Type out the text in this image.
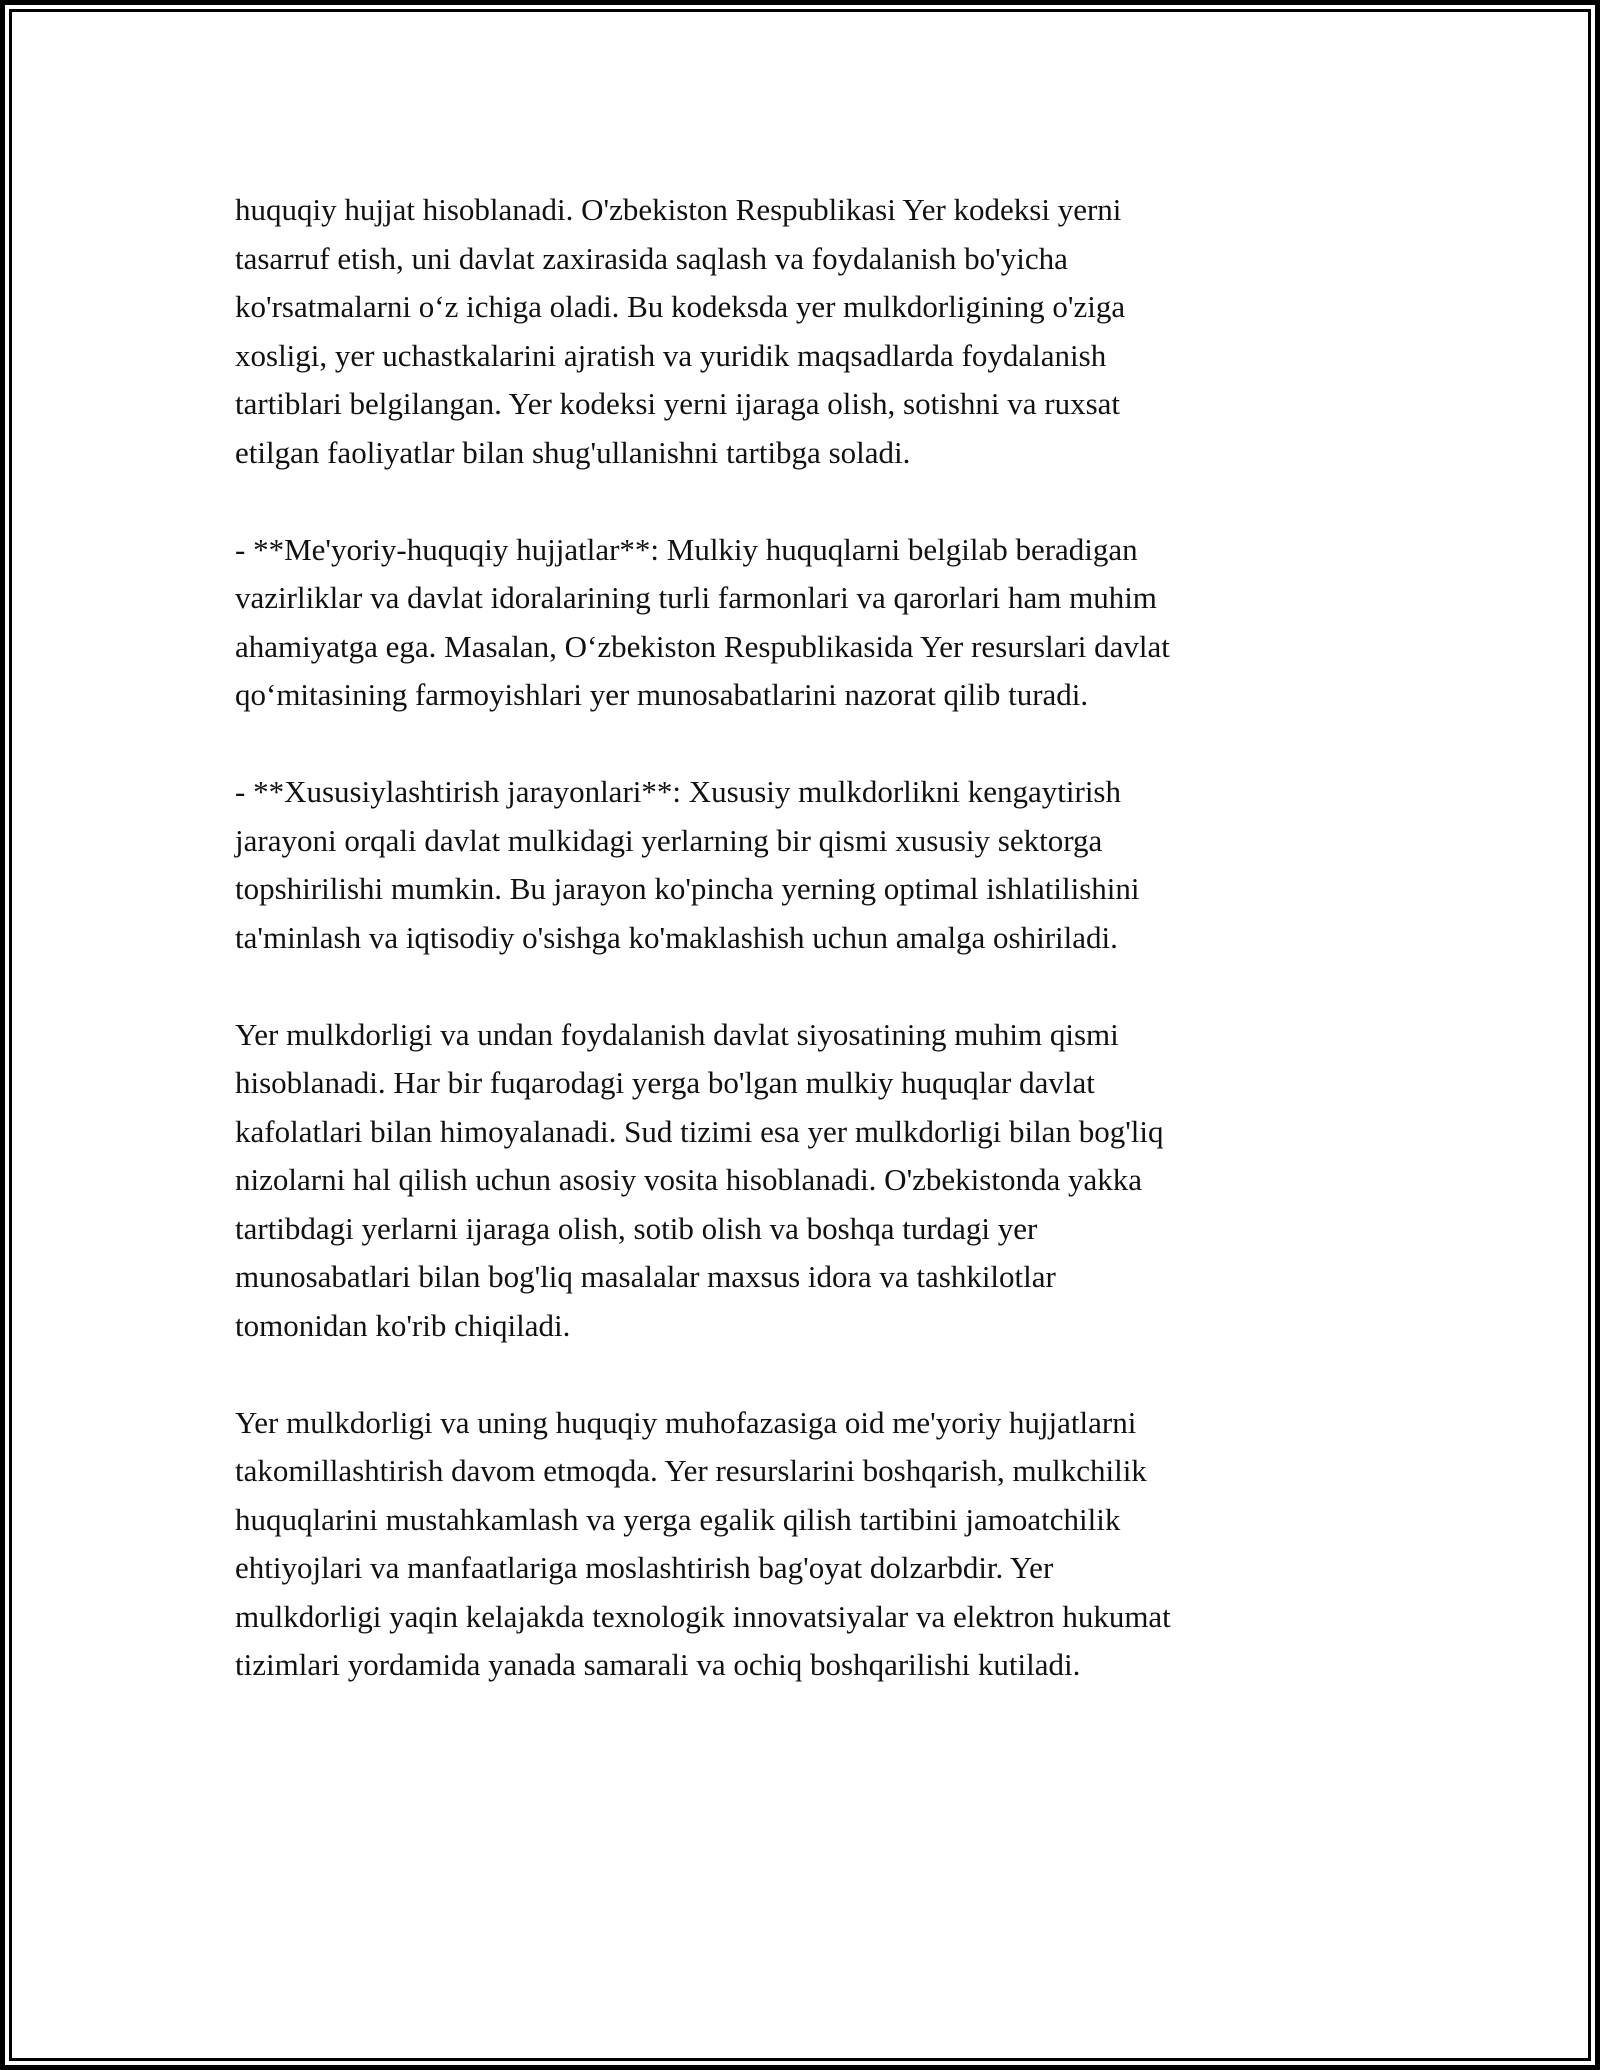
huquqiy hujjat hisoblanadi. O'zbekiston Respublikasi Yer kodeksi yerni
tasarruf etish, uni davlat zaxirasida saqlash va foydalanish bo'yicha
ko'rsatmalarni o‘z ichiga oladi. Bu kodeksda yer mulkdorligining o'ziga
xosligi, yer uchastkalarini ajratish va yuridik maqsadlarda foydalanish
tartiblari belgilangan. Yer kodeksi yerni ijaraga olish, sotishni va ruxsat
etilgan faoliyatlar bilan shug'ullanishni tartibga soladi.

- **Me'yoriy-huquqiy hujjatlar**: Mulkiy huquqlarni belgilab beradigan
vazirliklar va davlat idoralarining turli farmonlari va qarorlari ham muhim
ahamiyatga ega. Masalan, O‘zbekiston Respublikasida Yer resurslari davlat
qo‘mitasining farmoyishlari yer munosabatlarini nazorat qilib turadi.

- **Xususiylashtirish jarayonlari**: Xususiy mulkdorlikni kengaytirish
jarayoni orqali davlat mulkidagi yerlarning bir qismi xususiy sektorga
topshirilishi mumkin. Bu jarayon ko'pincha yerning optimal ishlatilishini
ta'minlash va iqtisodiy o'sishga ko'maklashish uchun amalga oshiriladi.

Yer mulkdorligi va undan foydalanish davlat siyosatining muhim qismi
hisoblanadi. Har bir fuqarodagi yerga bo'lgan mulkiy huquqlar davlat
kafolatlari bilan himoyalanadi. Sud tizimi esa yer mulkdorligi bilan bog'liq
nizolarni hal qilish uchun asosiy vosita hisoblanadi. O'zbekistonda yakka
tartibdagi yerlarni ijaraga olish, sotib olish va boshqa turdagi yer
munosabatlari bilan bog'liq masalalar maxsus idora va tashkilotlar
tomonidan ko'rib chiqiladi.

Yer mulkdorligi va uning huquqiy muhofazasiga oid me'yoriy hujjatlarni
takomillashtirish davom etmoqda. Yer resurslarini boshqarish, mulkchilik
huquqlarini mustahkamlash va yerga egalik qilish tartibini jamoatchilik
ehtiyojlari va manfaatlariga moslashtirish bag'oyat dolzarbdir. Yer
mulkdorligi yaqin kelajakda texnologik innovatsiyalar va elektron hukumat
tizimlari yordamida yanada samarali va ochiq boshqarilishi kutiladi.
